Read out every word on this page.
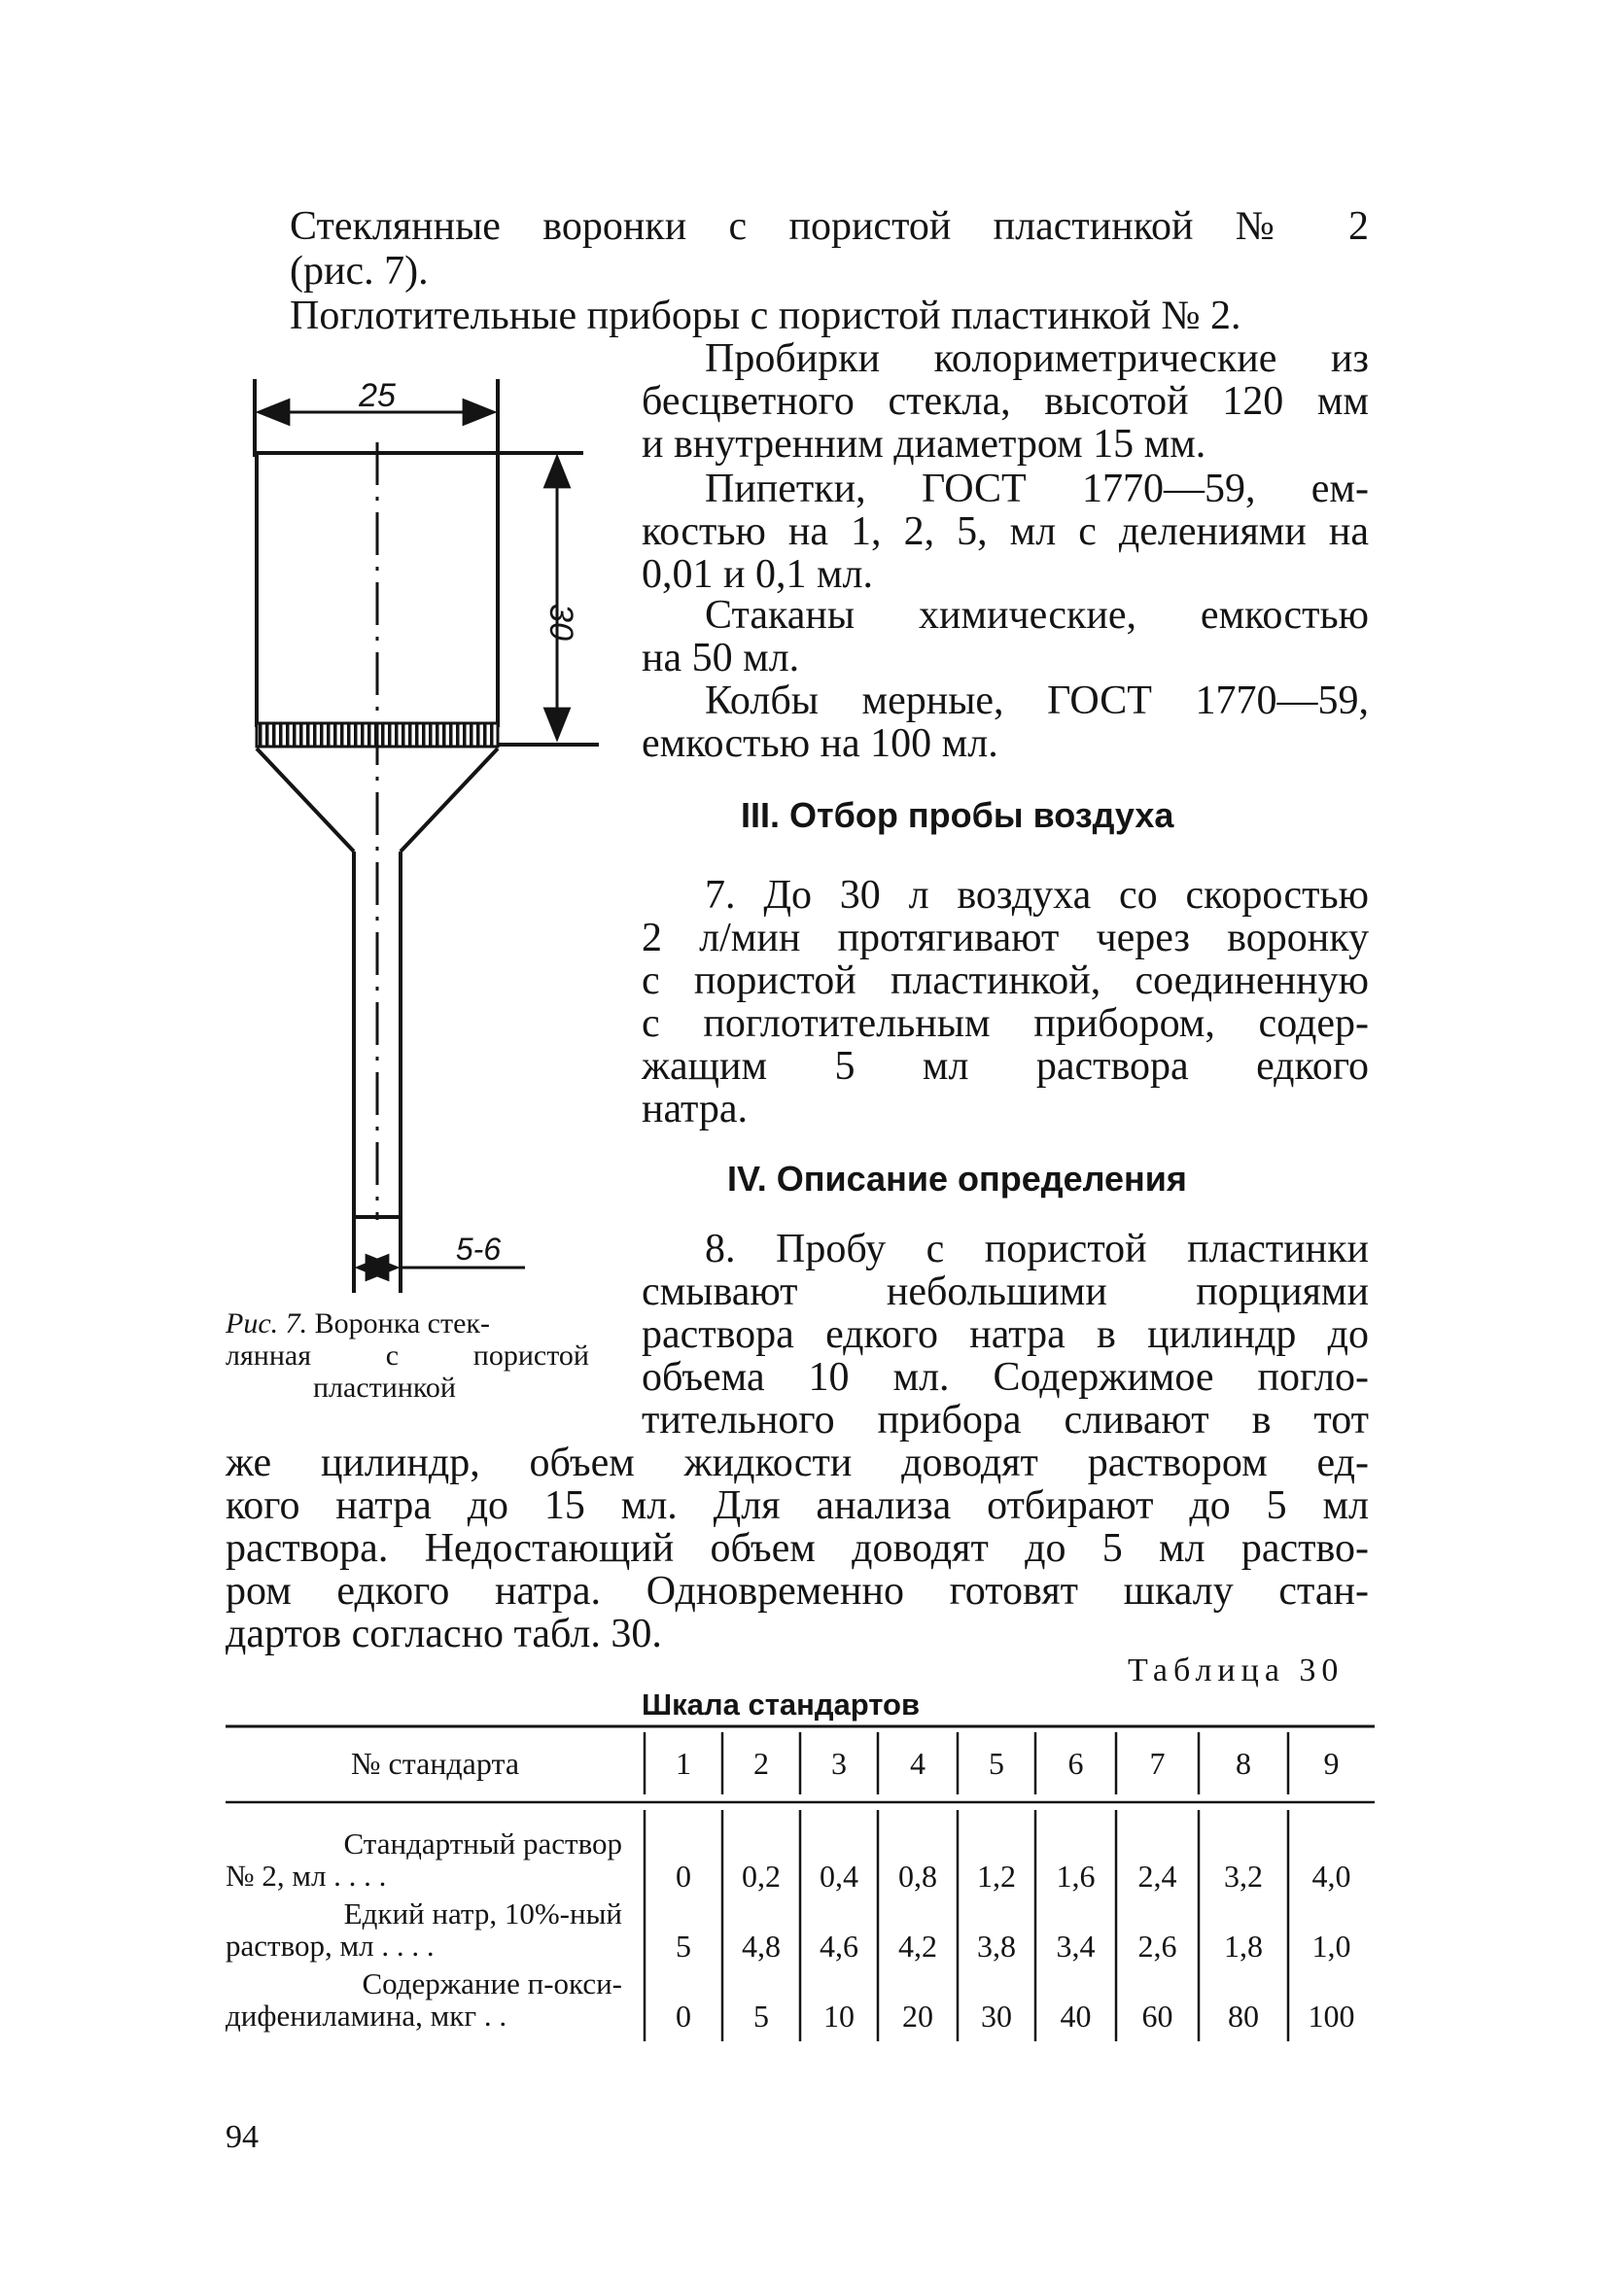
Стеклянные воронки с пористой пластинкой № 2
(рис. 7).
Поглотительные приборы с пористой пластинкой № 2.
Пробирки колориметрические из
бесцветного стекла, высотой 120 мм
и внутренним диаметром 15 мм.
Пипетки, ГОСТ 1770—59, ем-
костью на 1, 2, 5, мл с делениями на
0,01 и 0,1 мл.
Стаканы химические, емкостью
на 50 мл.
Колбы мерные, ГОСТ 1770—59,
емкостью на 100 мл.
III. Отбор пробы воздуха
7. До 30 л воздуха со скоростью
2 л/мин протягивают через воронку
с пористой пластинкой, соединенную
с поглотительным прибором, содер-
жащим 5 мл раствора едкого
натра.
IV. Описание определения
8. Пробу с пористой пластинки
смывают небольшими порциями
раствора едкого натра в цилиндр до
объема 10 мл. Содержимое погло-
тительного прибора сливают в тот
же цилиндр, объем жидкости доводят раствором ед-
кого натра до 15 мл. Для анализа отбирают до 5 мл
раствора. Недостающий объем доводят до 5 мл раство-
ром едкого натра. Одновременно готовят шкалу стан-
дартов согласно табл. 30.
25
30
5-6
Рис. 7. Воронка стек-
лянная с пористой
пластинкой
Таблица 30
Шкала стандартов
№ стандарта	1	2	3	4	5	6	7	8	9
Стандартный раствор
№ 2, мл . . . .	0	0,2	0,4	0,8	1,2	1,6	2,4	3,2	4,0
Едкий натр, 10%-ный
раствор, мл . . . .	5	4,8	4,6	4,2	3,8	3,4	2,6	1,8	1,0
Содержание п-окси-
дифениламина, мкг . .	0	5	10	20	30	40	60	80	100
94
